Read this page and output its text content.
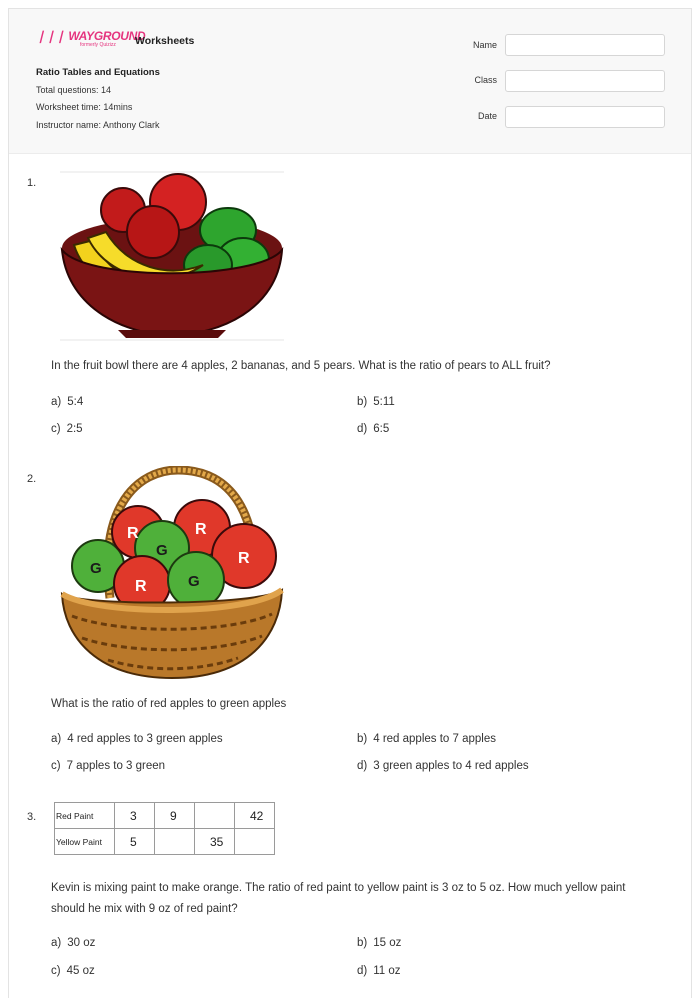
❘❘❘ WAYGROUND
formerly Quizizz	Worksheets
Ratio Tables and Equations
Total questions: 14
Worksheet time: 14mins
Instructor name: Anthony Clark
Name
Class
Date
1.
In the fruit bowl there are 4 apples, 2 bananas, and 5 pears. What is the ratio of pears to ALL fruit?
a) 5:4	b) 5:11
c) 2:5	d) 6:5
2.
R	R
R
R
G
G
G
What is the ratio of red apples to green apples
a) 4 red apples to 3 green apples	b) 4 red apples to 7 apples
c) 7 apples to 3 green	d) 3 green apples to 4 red apples
3. Red Paint	3	9		42
Yellow Paint	5		35	
Kevin is mixing paint to make orange. The ratio of red paint to yellow paint is 3 oz to 5 oz. How much yellow paint should he mix with 9 oz of red paint?
a) 30 oz	b) 15 oz
c) 45 oz	d) 11 oz
